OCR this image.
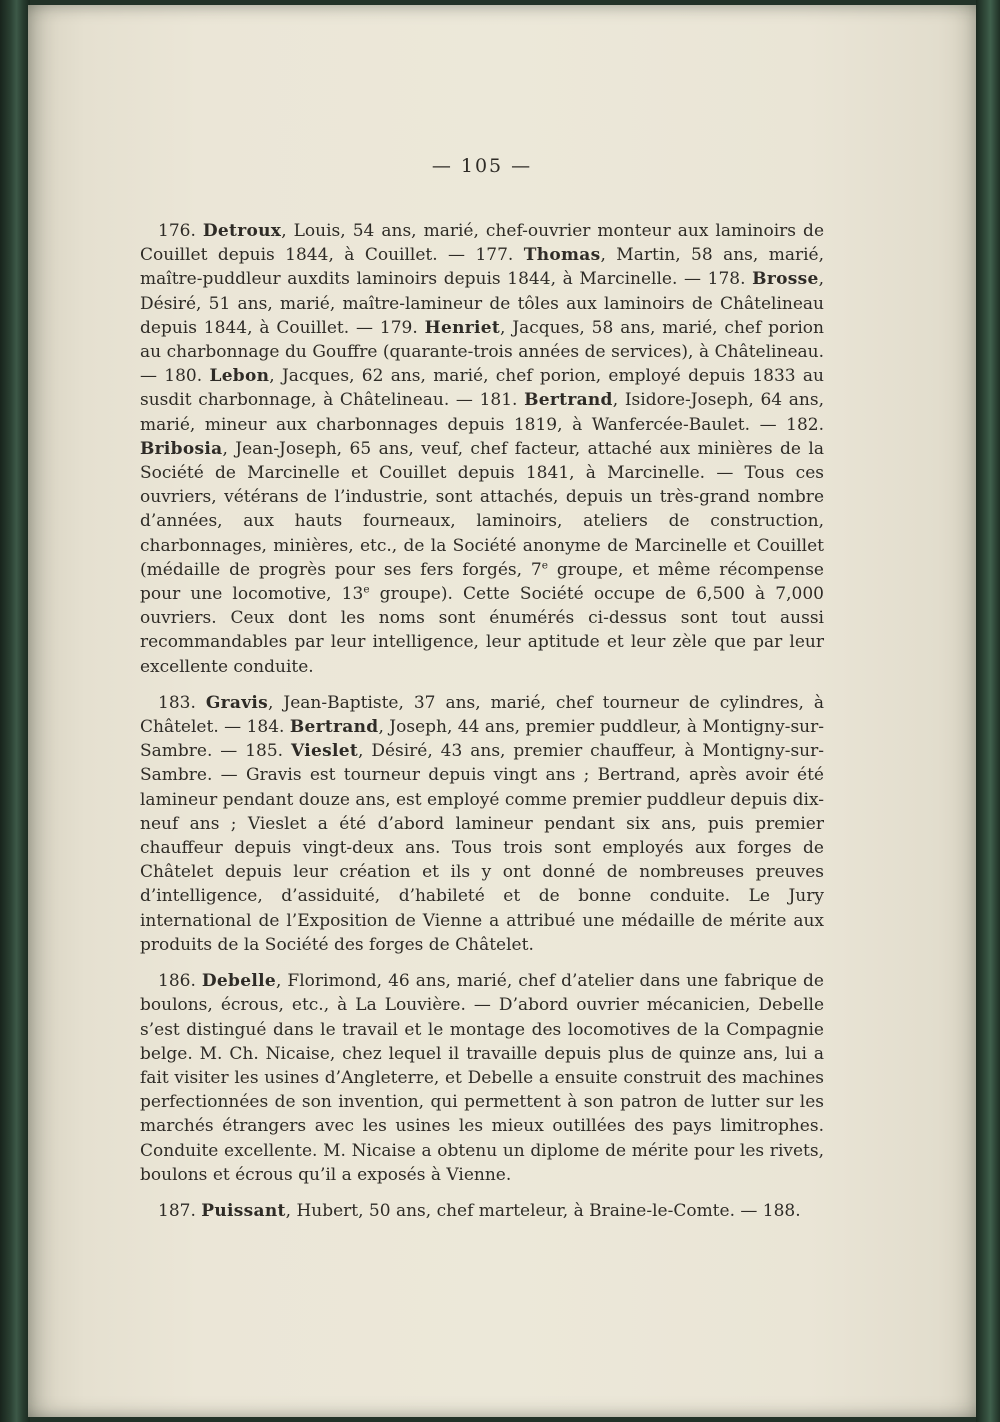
— 105 —

176. Detroux, Louis, 54 ans, marié, chef-ouvrier monteur aux laminoirs de Couillet depuis 1844, à Couillet. — 177. Thomas, Martin, 58 ans, marié, maître-puddleur auxdits laminoirs depuis 1844, à Marcinelle. — 178. Brosse, Désiré, 51 ans, marié, maître-lamineur de tôles aux laminoirs de Châtelineau depuis 1844, à Couillet. — 179. Henriet, Jacques, 58 ans, marié, chef porion au charbonnage du Gouffre (quarante-trois années de services), à Châtelineau. — 180. Lebon, Jacques, 62 ans, marié, chef porion, employé depuis 1833 au susdit charbonnage, à Châtelineau. — 181. Bertrand, Isidore-Joseph, 64 ans, marié, mineur aux charbonnages depuis 1819, à Wanfercée-Baulet. — 182. Bribosia, Jean-Joseph, 65 ans, veuf, chef facteur, attaché aux minières de la Société de Marcinelle et Couillet depuis 1841, à Marcinelle. — Tous ces ouvriers, vétérans de l’industrie, sont attachés, depuis un très-grand nombre d’années, aux hauts fourneaux, laminoirs, ateliers de construction, charbonnages, minières, etc., de la Société anonyme de Marcinelle et Couillet (médaille de progrès pour ses fers forgés, 7e groupe, et même récompense pour une locomotive, 13e groupe). Cette Société occupe de 6,500 à 7,000 ouvriers. Ceux dont les noms sont énumérés ci-dessus sont tout aussi recommandables par leur intelligence, leur aptitude et leur zèle que par leur excellente conduite.

183. Gravis, Jean-Baptiste, 37 ans, marié, chef tourneur de cylindres, à Châtelet. — 184. Bertrand, Joseph, 44 ans, premier puddleur, à Montigny-sur-Sambre. — 185. Vieslet, Désiré, 43 ans, premier chauffeur, à Montigny-sur-Sambre. — Gravis est tourneur depuis vingt ans ; Bertrand, après avoir été lamineur pendant douze ans, est employé comme premier puddleur depuis dix-neuf ans ; Vieslet a été d’abord lamineur pendant six ans, puis premier chauffeur depuis vingt-deux ans. Tous trois sont employés aux forges de Châtelet depuis leur création et ils y ont donné de nombreuses preuves d’intelligence, d’assiduité, d’habileté et de bonne conduite. Le Jury international de l’Exposition de Vienne a attribué une médaille de mérite aux produits de la Société des forges de Châtelet.

186. Debelle, Florimond, 46 ans, marié, chef d’atelier dans une fabrique de boulons, écrous, etc., à La Louvière. — D’abord ouvrier mécanicien, Debelle s’est distingué dans le travail et le montage des locomotives de la Compagnie belge. M. Ch. Nicaise, chez lequel il travaille depuis plus de quinze ans, lui a fait visiter les usines d’Angleterre, et Debelle a ensuite construit des machines perfectionnées de son invention, qui permettent à son patron de lutter sur les marchés étrangers avec les usines les mieux outillées des pays limitrophes. Conduite excellente. M. Nicaise a obtenu un diplome de mérite pour les rivets, boulons et écrous qu’il a exposés à Vienne.

187. Puissant, Hubert, 50 ans, chef marteleur, à Braine-le-Comte. — 188.
